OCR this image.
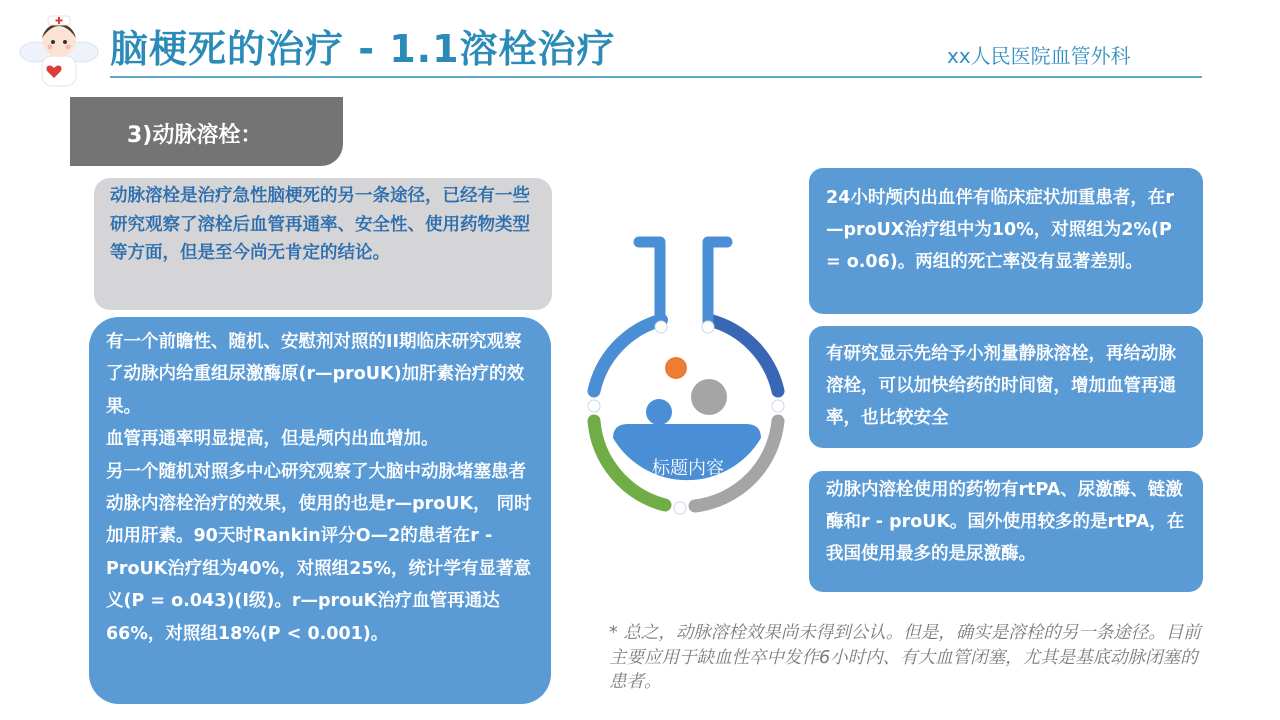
脑梗死的治疗 - 1.1溶栓治疗	xx人民医院血管外科
3)动脉溶栓：
动脉溶栓是治疗急性脑梗死的另一条途径，已经有一些研究观察了溶栓后血管再通率、安全性、使用药物类型等方面，但是至今尚无肯定的结论。
有一个前瞻性、随机、安慰剂对照的II期临床研究观察了动脉内给重组尿激酶原(r—proUK)加肝素治疗的效果。
血管再通率明显提高，但是颅内出血增加。
另一个随机对照多中心研究观察了大脑中动脉堵塞患者动脉内溶栓治疗的效果，使用的也是r—proUK， 同时加用肝素。90天时Rankin评分O—2的患者在r - ProUK治疗组为40%，对照组25%，统计学有显著意义(P = o.043)(I级)。r—prouK治疗血管再通达66%，对照组18%(P < 0.001)。
标题内容
24小时颅内出血伴有临床症状加重患者，在r—proUX治疗组中为10%，对照组为2%(P = o.06)。两组的死亡率没有显著差别。
有研究显示先给予小剂量静脉溶栓，再给动脉溶栓，可以加快给药的时间窗，增加血管再通率，也比较安全
动脉内溶栓使用的药物有rtPA、尿激酶、链激酶和r - proUK。国外使用较多的是rtPA，在我国使用最多的是尿激酶。
* 总之，动脉溶栓效果尚未得到公认。但是，确实是溶栓的另一条途径。目前主要应用于缺血性卒中发作6小时内、有大血管闭塞，尤其是基底动脉闭塞的患者。
